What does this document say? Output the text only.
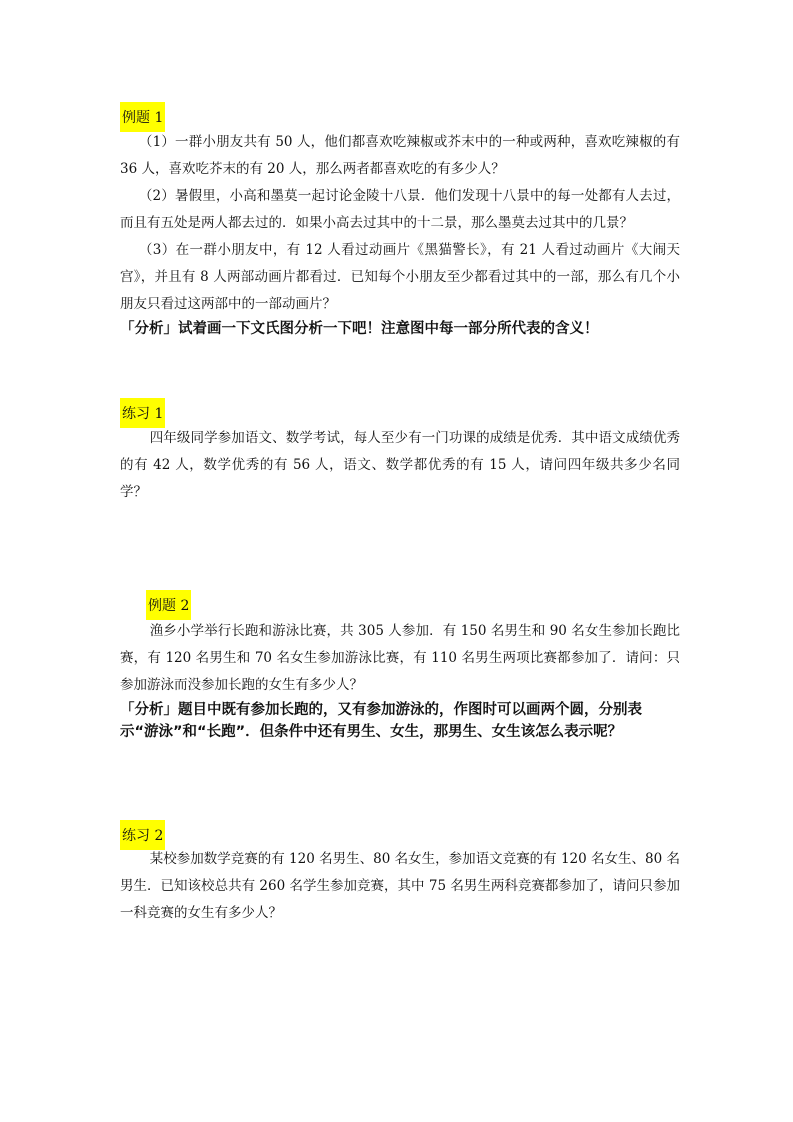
例题 1

（1）一群小朋友共有 50 人，他们都喜欢吃辣椒或芥末中的一种或两种，喜欢吃辣椒的有 36 人，喜欢吃芥末的有 20 人，那么两者都喜欢吃的有多少人？

（2）暑假里，小高和墨莫一起讨论金陵十八景．他们发现十八景中的每一处都有人去过，而且有五处是两人都去过的．如果小高去过其中的十二景，那么墨莫去过其中的几景？

（3）在一群小朋友中，有 12 人看过动画片《黑猫警长》，有 21 人看过动画片《大闹天宫》，并且有 8 人两部动画片都看过．已知每个小朋友至少都看过其中的一部，那么有几个小朋友只看过这两部中的一部动画片？

「分析」试着画一下文氏图分析一下吧！注意图中每一部分所代表的含义！

练习 1

四年级同学参加语文、数学考试，每人至少有一门功课的成绩是优秀．其中语文成绩优秀的有 42 人，数学优秀的有 56 人，语文、数学都优秀的有 15 人，请问四年级共多少名同学？

例题 2

渔乡小学举行长跑和游泳比赛，共 305 人参加．有 150 名男生和 90 名女生参加长跑比赛，有 120 名男生和 70 名女生参加游泳比赛，有 110 名男生两项比赛都参加了．请问：只参加游泳而没参加长跑的女生有多少人？

「分析」题目中既有参加长跑的，又有参加游泳的，作图时可以画两个圆，分别表示“游泳”和“长跑”．但条件中还有男生、女生，那男生、女生该怎么表示呢？

练习 2

某校参加数学竞赛的有 120 名男生、80 名女生，参加语文竞赛的有 120 名女生、80 名男生．已知该校总共有 260 名学生参加竞赛，其中 75 名男生两科竞赛都参加了，请问只参加一科竞赛的女生有多少人？
